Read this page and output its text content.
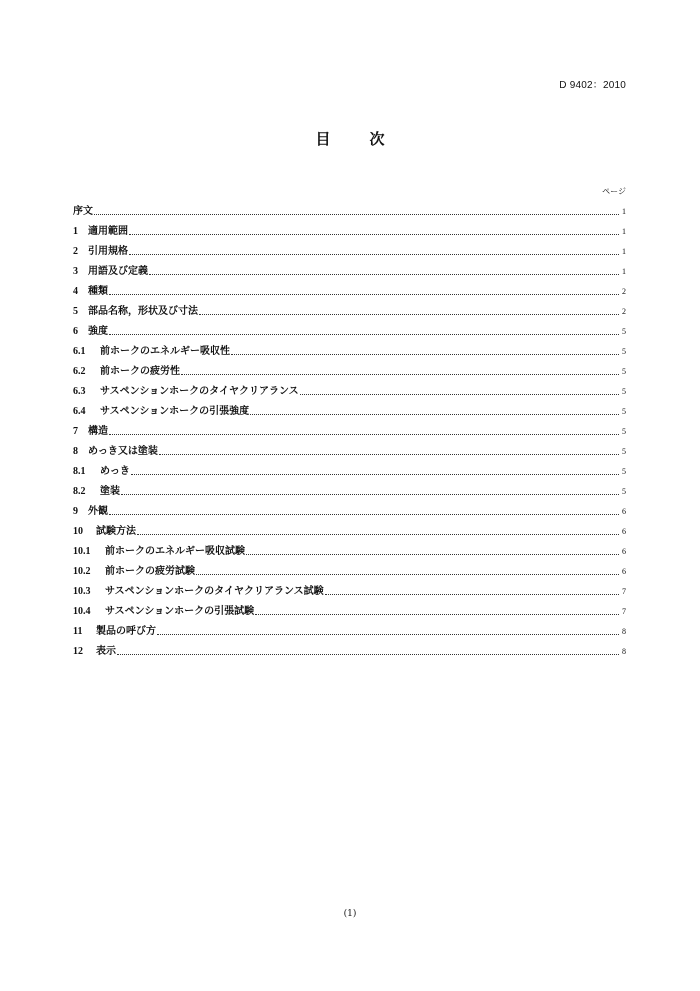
D 9402：2010
目　次
ページ
序文	1
1	適用範囲	1
2	引用規格	1
3	用語及び定義	1
4	種類	2
5	部品名称，形状及び寸法	2
6	強度	5
6.1	前ホークのエネルギー吸収性	5
6.2	前ホークの疲労性	5
6.3	サスペンションホークのタイヤクリアランス	5
6.4	サスペンションホークの引張強度	5
7	構造	5
8	めっき又は塗装	5
8.1	めっき	5
8.2	塗装	5
9	外観	6
10	試験方法	6
10.1	前ホークのエネルギー吸収試験	6
10.2	前ホークの疲労試験	6
10.3	サスペンションホークのタイヤクリアランス試験	7
10.4	サスペンションホークの引張試験	7
11	製品の呼び方	8
12	表示	8
(1)
